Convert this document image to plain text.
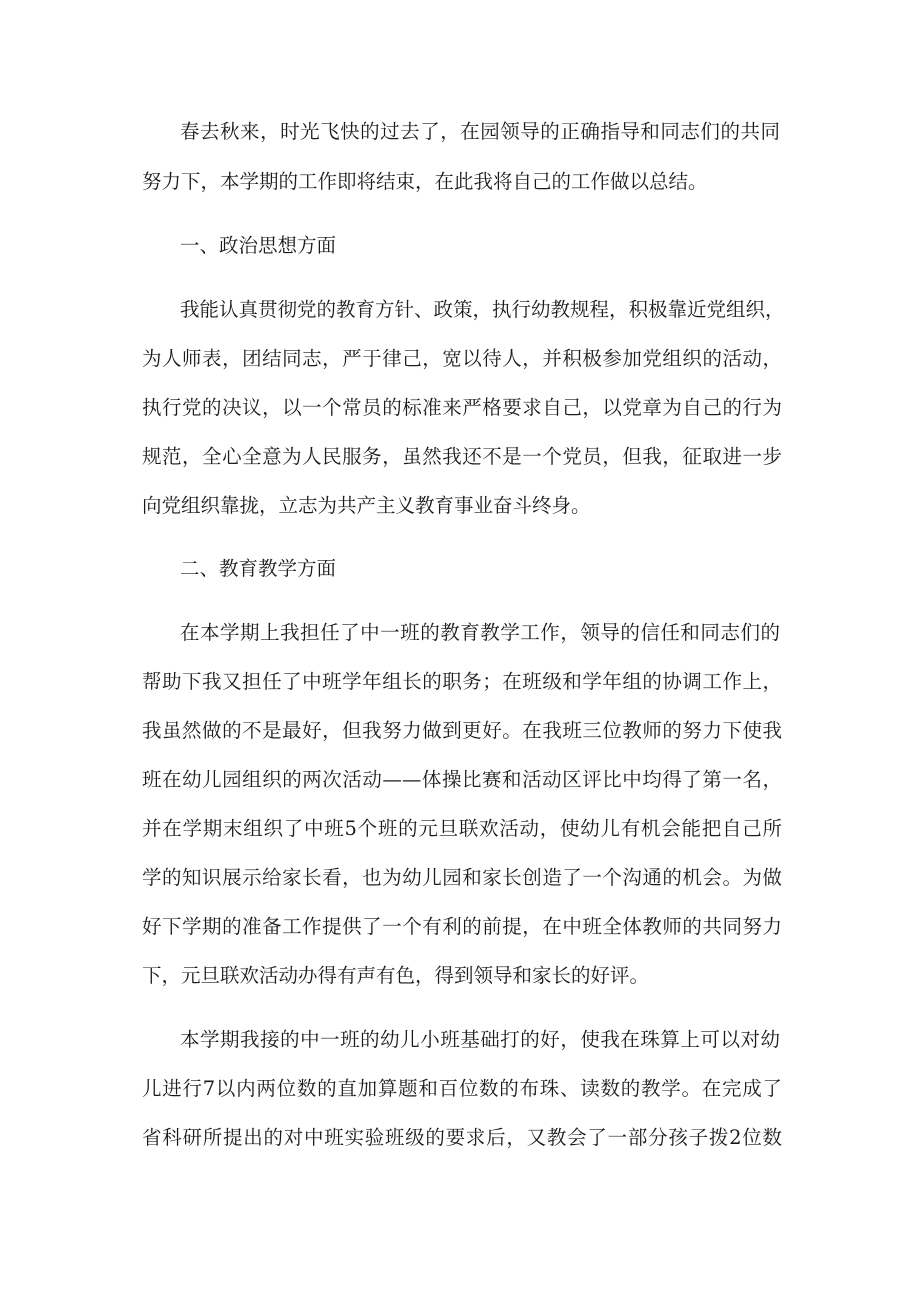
春去秋来，时光飞快的过去了，在园领导的正确指导和同志们的共同
努力下，本学期的工作即将结束，在此我将自己的工作做以总结。
一、政治思想方面
我能认真贯彻党的教育方针、政策，执行幼教规程，积极靠近党组织，
为人师表，团结同志，严于律己，宽以待人，并积极参加党组织的活动，
执行党的决议，以一个常员的标准来严格要求自己，以党章为自己的行为
规范，全心全意为人民服务，虽然我还不是一个党员，但我，征取进一步
向党组织靠拢，立志为共产主义教育事业奋斗终身。
二、教育教学方面
在本学期上我担任了中一班的教育教学工作，领导的信任和同志们的
帮助下我又担任了中班学年组长的职务；在班级和学年组的协调工作上，
我虽然做的不是最好，但我努力做到更好。在我班三位教师的努力下使我
班在幼儿园组织的两次活动——体操比赛和活动区评比中均得了第一名，
并在学期末组织了中班5个班的元旦联欢活动，使幼儿有机会能把自己所
学的知识展示给家长看，也为幼儿园和家长创造了一个沟通的机会。为做
好下学期的准备工作提供了一个有利的前提，在中班全体教师的共同努力
下，元旦联欢活动办得有声有色，得到领导和家长的好评。
本学期我接的中一班的幼儿小班基础打的好，使我在珠算上可以对幼
儿进行7以内两位数的直加算题和百位数的布珠、读数的教学。在完成了
省科研所提出的对中班实验班级的要求后，又教会了一部分孩子拨2位数
